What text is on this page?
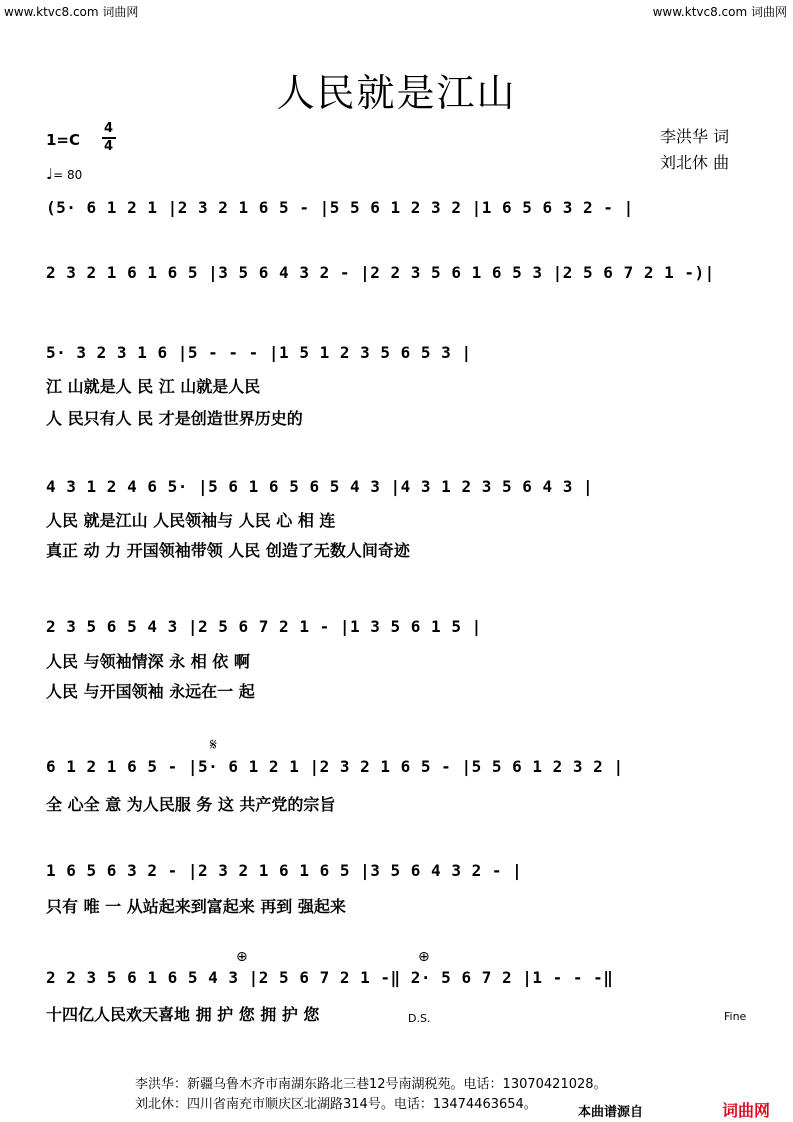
www.ktvc8.com 词曲网	www.ktvc8.com 词曲网
人民就是江山
李洪华 词
刘北休 曲
1=C
4
4
♩= 80
(5· 6 1 2 1 |2 3 2 1 6 5 - |5 5 6 1 2 3 2 |1 6 5 6 3 2 - |
2 3 2 1 6 1 6 5 |3 5 6 4 3 2 - |2 2 3 5 6 1 6 5 3 |2 5 6 7 2 1 -)|
5· 3 2 3 1 6 |5 - - - |1 5 1 2 3 5 6 5 3 |
江 山就是人 民 江 山就是人民
人 民只有人 民 才是创造世界历史的
4 3 1 2 4 6 5· |5 6 1 6 5 6 5 4 3 |4 3 1 2 3 5 6 4 3 |
人民 就是江山 人民领袖与 人民 心 相 连
真正 动 力 开国领袖带领 人民 创造了无数人间奇迹
2 3 5 6 5 4 3 |2 5 6 7 2 1 - |1 3 5 6 1 5 |
人民 与领袖情深 永 相 依 啊
人民 与开国领袖 永远在一 起
6 1 2 1 6 5 - |5· 6 1 2 1 |2 3 2 1 6 5 - |5 5 6 1 2 3 2 |
全 心全 意 为人民服 务 这 共产党的宗旨
𝄋
1 6 5 6 3 2 - |2 3 2 1 6 1 6 5 |3 5 6 4 3 2 - |
只有 唯 一 从站起来到富起来 再到 强起来
2 2 3 5 6 1 6 5 4 3 |2 5 6 7 2 1 -‖ 2· 5 6 7 2 |1 - - -‖
十四亿人民欢天喜地 拥 护 您 拥 护 您
⊕	⊕
D.S.	Fine
李洪华：新疆乌鲁木齐市南湖东路北三巷12号南湖税苑。电话：13070421028。
刘北休：四川省南充市顺庆区北湖路314号。电话：13474463654。
本曲谱源自	词曲网
